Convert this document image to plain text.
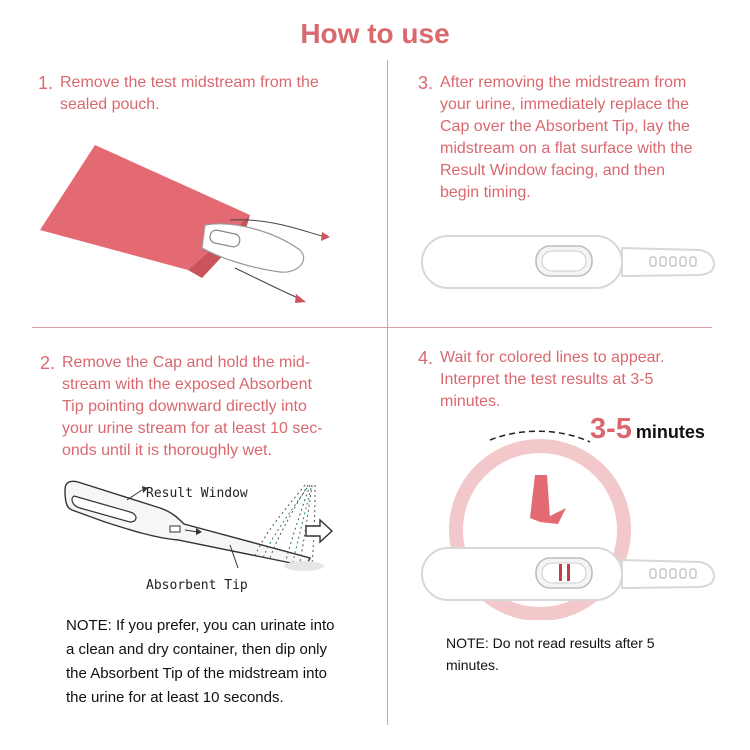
How to use
1. Remove the test midstream from the
sealed pouch.
3. After removing the midstream from
your urine, immediately replace the
Cap over the Absorbent Tip, lay the
midstream on a flat surface with the
Result Window facing, and then
begin timing.
2. Remove the Cap and hold the mid-
stream with the exposed Absorbent
Tip pointing downward directly into
your urine stream for at least 10 sec-
onds until it is thoroughly wet.
4. Wait for colored lines to appear.
Interpret the test results at 3-5
minutes.
Result Window
Absorbent Tip
3-5 minutes
NOTE: If you prefer, you can urinate into
a clean and dry container, then dip only
the Absorbent Tip of the midstream into
the urine for at least 10 seconds.
NOTE: Do not read results after 5
minutes.
